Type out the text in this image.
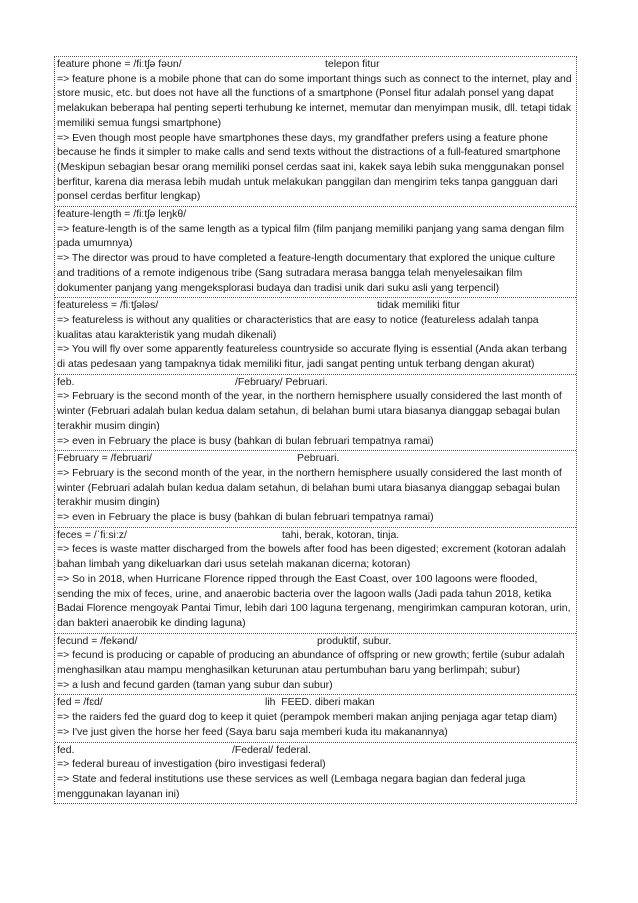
feature phone = /fiːtʃə fəʊn/	telepon fitur

=> feature phone is a mobile phone that can do some important things such as connect to the internet, play and store music, etc. but does not have all the functions of a smartphone (Ponsel fitur adalah ponsel yang dapat melakukan beberapa hal penting seperti terhubung ke internet, memutar dan menyimpan musik, dll. tetapi tidak memiliki semua fungsi smartphone)

=> Even though most people have smartphones these days, my grandfather prefers using a feature phone because he finds it simpler to make calls and send texts without the distractions of a full-featured smartphone (Meskipun sebagian besar orang memiliki ponsel cerdas saat ini, kakek saya lebih suka menggunakan ponsel berfitur, karena dia merasa lebih mudah untuk melakukan panggilan dan mengirim teks tanpa gangguan dari ponsel cerdas berfitur lengkap)

feature-length = /fiːtʃə leŋkθ/

=> feature-length is of the same length as a typical film (film panjang memiliki panjang yang sama dengan film pada umumnya)

=> The director was proud to have completed a feature-length documentary that explored the unique culture and traditions of a remote indigenous tribe (Sang sutradara merasa bangga telah menyelesaikan film dokumenter panjang yang mengeksplorasi budaya dan tradisi unik dari suku asli yang terpencil)

featureless = /fiːtʃələs/	tidak memiliki fitur

=> featureless is without any qualities or characteristics that are easy to notice (featureless adalah tanpa kualitas atau karakteristik yang mudah dikenali)

=> You will fly over some apparently featureless countryside so accurate flying is essential (Anda akan terbang di atas pedesaan yang tampaknya tidak memiliki fitur, jadi sangat penting untuk terbang dengan akurat)

feb.	/February/ Pebruari.

=> February is the second month of the year, in the northern hemisphere usually considered the last month of winter (Februari adalah bulan kedua dalam setahun, di belahan bumi utara biasanya dianggap sebagai bulan terakhir musim dingin)

=> even in February the place is busy (bahkan di bulan februari tempatnya ramai)

February = /februari/	Pebruari.

=> February is the second month of the year, in the northern hemisphere usually considered the last month of winter (Februari adalah bulan kedua dalam setahun, di belahan bumi utara biasanya dianggap sebagai bulan terakhir musim dingin)

=> even in February the place is busy (bahkan di bulan februari tempatnya ramai)

feces = /ˈfiːsiːz/	tahi, berak, kotoran, tinja.

=> feces is waste matter discharged from the bowels after food has been digested; excrement (kotoran adalah bahan limbah yang dikeluarkan dari usus setelah makanan dicerna; kotoran)

=> So in 2018, when Hurricane Florence ripped through the East Coast, over 100 lagoons were flooded, sending the mix of feces, urine, and anaerobic bacteria over the lagoon walls (Jadi pada tahun 2018, ketika Badai Florence mengoyak Pantai Timur, lebih dari 100 laguna tergenang, mengirimkan campuran kotoran, urin, dan bakteri anaerobik ke dinding laguna)

fecund = /fekənd/	produktif, subur.

=> fecund is producing or capable of producing an abundance of offspring or new growth; fertile (subur adalah menghasilkan atau mampu menghasilkan keturunan atau pertumbuhan baru yang berlimpah; subur)

=> a lush and fecund garden (taman yang subur dan subur)

fed = /fɛd/	lih  FEED. diberi makan

=> the raiders fed the guard dog to keep it quiet (perampok memberi makan anjing penjaga agar tetap diam)

=> I've just given the horse her feed (Saya baru saja memberi kuda itu makanannya)

fed.	/Federal/ federal.

=> federal bureau of investigation (biro investigasi federal)

=> State and federal institutions use these services as well (Lembaga negara bagian dan federal juga menggunakan layanan ini)
